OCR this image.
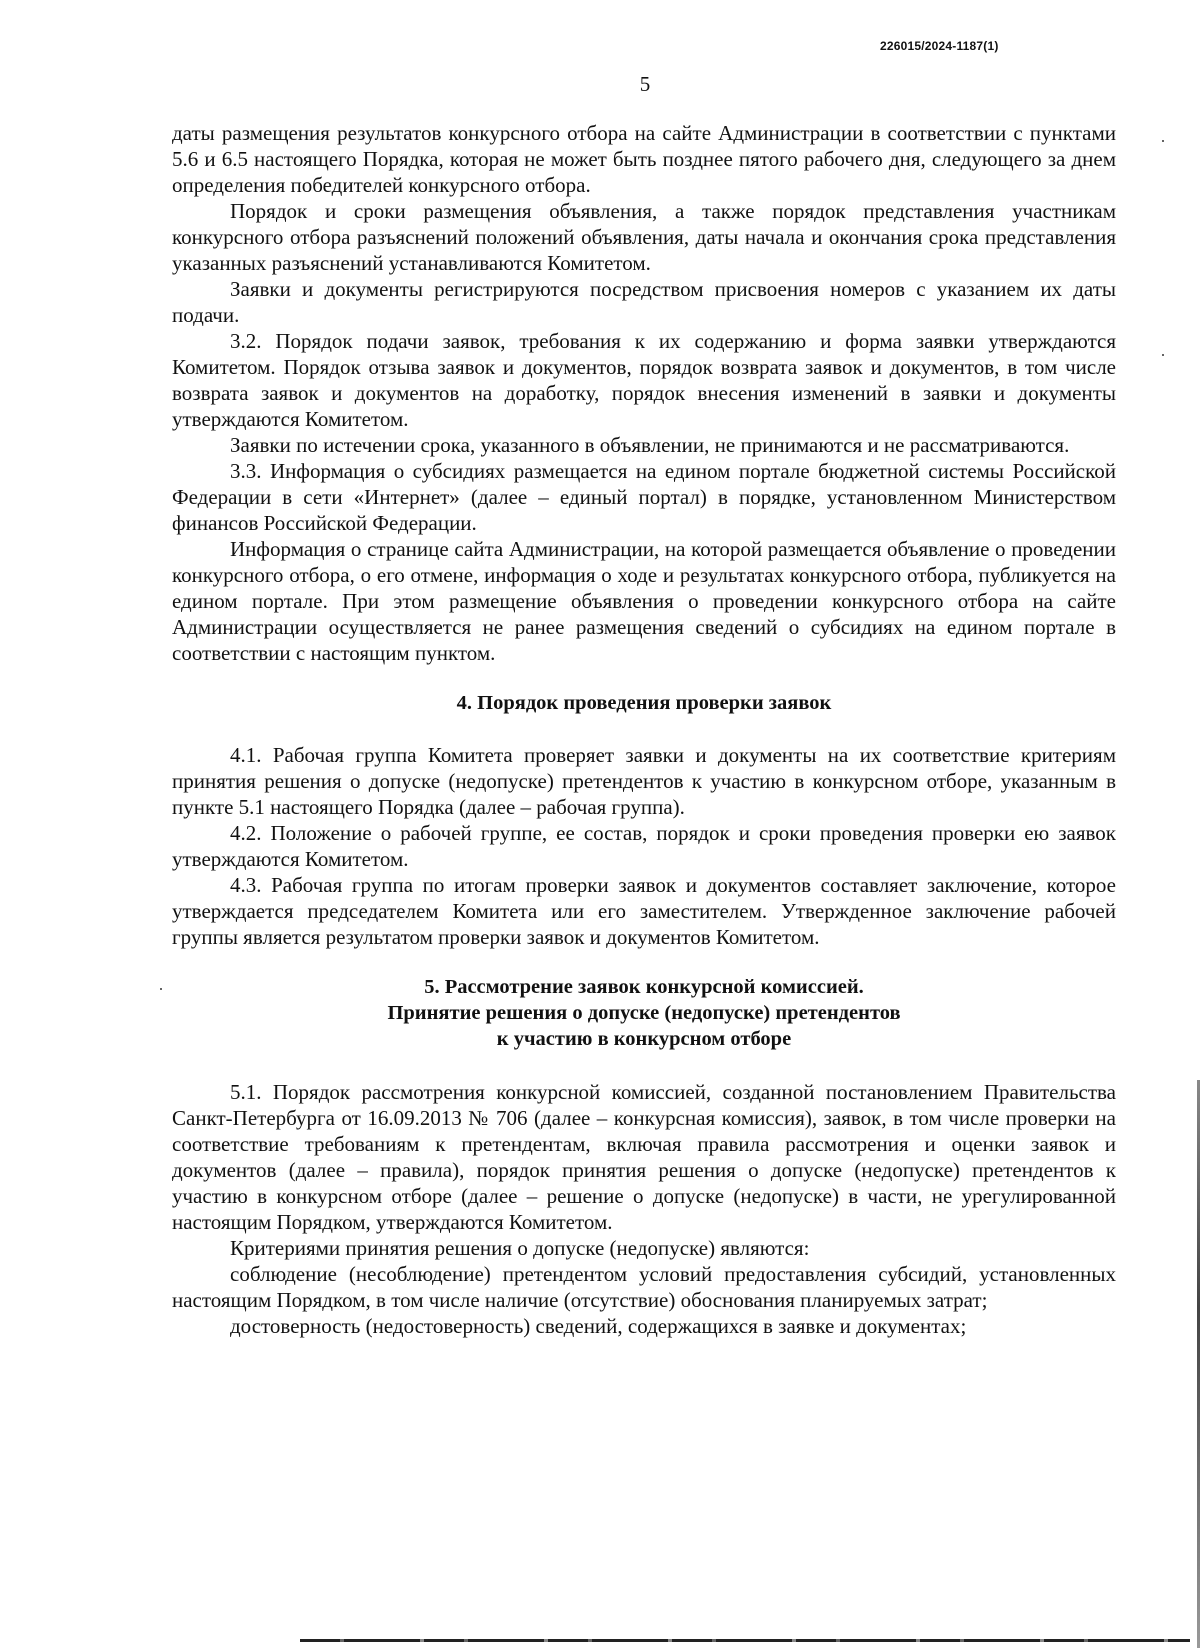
226015/2024-1187(1)
5

даты размещения результатов конкурсного отбора на сайте Администрации в соответствии с пунктами 5.6 и 6.5 настоящего Порядка, которая не может быть позднее пятого рабочего дня, следующего за днем определения победителей конкурсного отбора.

Порядок и сроки размещения объявления, а также порядок представления участникам конкурсного отбора разъяснений положений объявления, даты начала и окончания срока представления указанных разъяснений устанавливаются Комитетом.

Заявки и документы регистрируются посредством присвоения номеров с указанием их даты подачи.

3.2. Порядок подачи заявок, требования к их содержанию и форма заявки утверждаются Комитетом. Порядок отзыва заявок и документов, порядок возврата заявок и документов, в том числе возврата заявок и документов на доработку, порядок внесения изменений в заявки и документы утверждаются Комитетом.

Заявки по истечении срока, указанного в объявлении, не принимаются и не рассматриваются.

3.3. Информация о субсидиях размещается на едином портале бюджетной системы Российской Федерации в сети «Интернет» (далее – единый портал) в порядке, установленном Министерством финансов Российской Федерации.

Информация о странице сайта Администрации, на которой размещается объявление о проведении конкурсного отбора, о его отмене, информация о ходе и результатах конкурсного отбора, публикуется на едином портале. При этом размещение объявления о проведении конкурсного отбора на сайте Администрации осуществляется не ранее размещения сведений о субсидиях на едином портале в соответствии с настоящим пунктом.

4. Порядок проведения проверки заявок

4.1. Рабочая группа Комитета проверяет заявки и документы на их соответствие критериям принятия решения о допуске (недопуске) претендентов к участию в конкурсном отборе, указанным в пункте 5.1 настоящего Порядка (далее – рабочая группа).

4.2. Положение о рабочей группе, ее состав, порядок и сроки проведения проверки ею заявок утверждаются Комитетом.

4.3. Рабочая группа по итогам проверки заявок и документов составляет заключение, которое утверждается председателем Комитета или его заместителем. Утвержденное заключение рабочей группы является результатом проверки заявок и документов Комитетом.

5. Рассмотрение заявок конкурсной комиссией.
Принятие решения о допуске (недопуске) претендентов
к участию в конкурсном отборе

5.1. Порядок рассмотрения конкурсной комиссией, созданной постановлением Правительства Санкт-Петербурга от 16.09.2013 № 706 (далее – конкурсная комиссия), заявок, в том числе проверки на соответствие требованиям к претендентам, включая правила рассмотрения и оценки заявок и документов (далее – правила), порядок принятия решения о допуске (недопуске) претендентов к участию в конкурсном отборе (далее – решение о допуске (недопуске) в части, не урегулированной настоящим Порядком, утверждаются Комитетом.

Критериями принятия решения о допуске (недопуске) являются:

соблюдение (несоблюдение) претендентом условий предоставления субсидий, установленных настоящим Порядком, в том числе наличие (отсутствие) обоснования планируемых затрат;

достоверность (недостоверность) сведений, содержащихся в заявке и документах;
